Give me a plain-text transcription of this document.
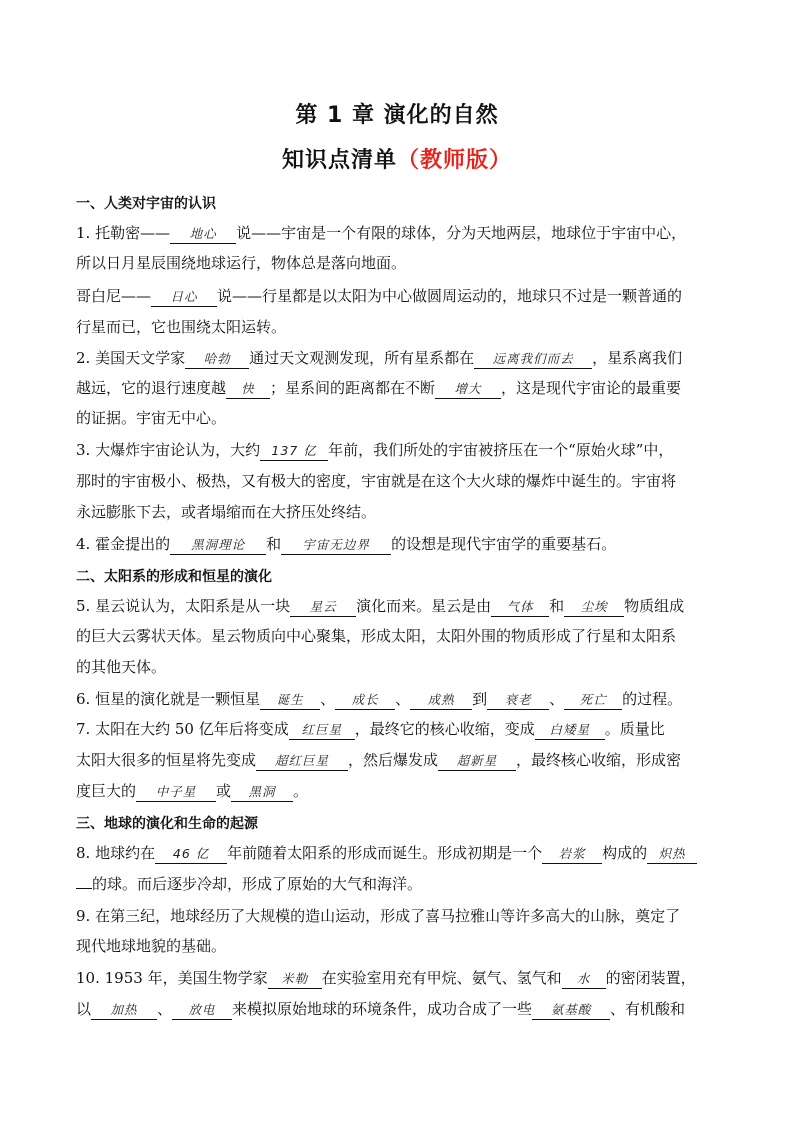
第 1 章 演化的自然
知识点清单（教师版）
一、人类对宇宙的认识
1. 托勒密—— 地心 说——宇宙是一个有限的球体，分为天地两层，地球位于宇宙中心，
所以日月星辰围绕地球运行，物体总是落向地面。
哥白尼—— 日心 说——行星都是以太阳为中心做圆周运动的，地球只不过是一颗普通的
行星而已，它也围绕太阳运转。
2. 美国天文学家 哈勃 通过天文观测发现，所有星系都在 远离我们而去 ，星系离我们
越远，它的退行速度越 快 ；星系间的距离都在不断 增大 ，这是现代宇宙论的最重要
的证据。宇宙无中心。
3. 大爆炸宇宙论认为，大约 137 亿 年前，我们所处的宇宙被挤压在一个“原始火球”中，
那时的宇宙极小、极热，又有极大的密度，宇宙就是在这个大火球的爆炸中诞生的。宇宙将
永远膨胀下去，或者塌缩而在大挤压处终结。
4. 霍金提出的 黑洞理论 和 宇宙无边界 的设想是现代宇宙学的重要基石。
二、太阳系的形成和恒星的演化
5. 星云说认为，太阳系是从一块 星云 演化而来。星云是由 气体 和 尘埃 物质组成
的巨大云雾状天体。星云物质向中心聚集，形成太阳，太阳外围的物质形成了行星和太阳系
的其他天体。
6. 恒星的演化就是一颗恒星 诞生 、 成长 、 成熟 到 衰老 、 死亡 的过程。
7. 太阳在大约 50 亿年后将变成 红巨星 ，最终它的核心收缩，变成 白矮星 。质量比
太阳大很多的恒星将先变成 超红巨星 ，然后爆发成 超新星 ，最终核心收缩，形成密
度巨大的 中子星 或 黑洞 。
三、地球的演化和生命的起源
8. 地球约在 46 亿 年前随着太阳系的形成而诞生。形成初期是一个 岩浆 构成的 炽热
的球。而后逐步冷却，形成了原始的大气和海洋。
9. 在第三纪，地球经历了大规模的造山运动，形成了喜马拉雅山等许多高大的山脉，奠定了
现代地球地貌的基础。
10. 1953 年，美国生物学家 米勒 在实验室用充有甲烷、氨气、氢气和 水 的密闭装置，
以 加热 、 放电 来模拟原始地球的环境条件，成功合成了一些 氨基酸 、有机酸和
